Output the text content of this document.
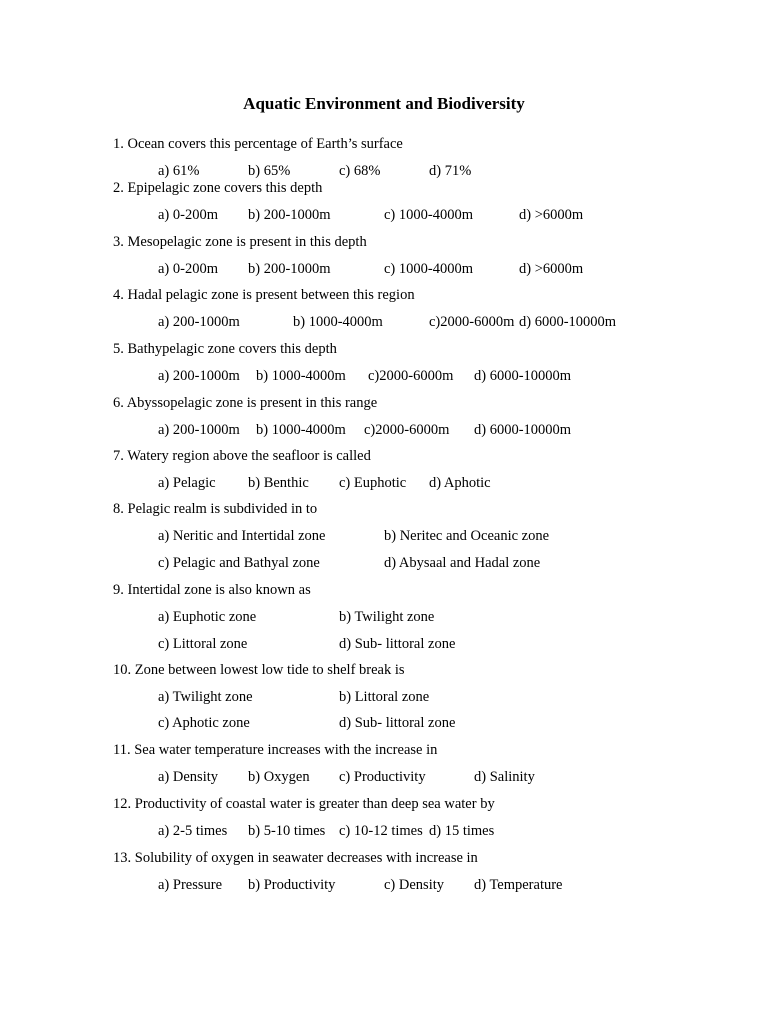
Aquatic Environment and Biodiversity
1. Ocean covers this percentage of Earth’s surface
a) 61%	b) 65%	c) 68%	d) 71%
2. Epipelagic zone covers this depth
a) 0-200m b) 200-1000m	c) 1000-4000m	d) >6000m
3. Mesopelagic zone is present in this depth
a) 0-200m b) 200-1000m	c) 1000-4000m	d) >6000m
4. Hadal pelagic zone is present between this region
a) 200-1000m	b) 1000-4000m	c)2000-6000m d) 6000-10000m
5. Bathypelagic zone covers this depth
a) 200-1000m b) 1000-4000m c)2000-6000m d) 6000-10000m
6. Abyssopelagic zone is present in this range
a) 200-1000m b) 1000-4000m c)2000-6000m d) 6000-10000m
7. Watery region above the seafloor is called
a) Pelagic b) Benthic c) Euphotic d) Aphotic
8. Pelagic realm is subdivided in to
a) Neritic and Intertidal zone	b) Neritec and Oceanic zone
c) Pelagic and Bathyal zone	d) Abysaal and Hadal zone
9. Intertidal zone is also known as
a) Euphotic zone	b) Twilight zone
c) Littoral zone	d) Sub- littoral zone
10. Zone between lowest low tide to shelf break is
a) Twilight zone	b) Littoral zone
c) Aphotic zone	d) Sub- littoral zone
11. Sea water temperature increases with the increase in
a) Density b) Oxygen c) Productivity	d) Salinity
12. Productivity of coastal water is greater than deep sea water by
a) 2-5 times b) 5-10 times c) 10-12 times d) 15 times
13. Solubility of oxygen in seawater decreases with increase in
a) Pressure b) Productivity	c) Density d) Temperature
